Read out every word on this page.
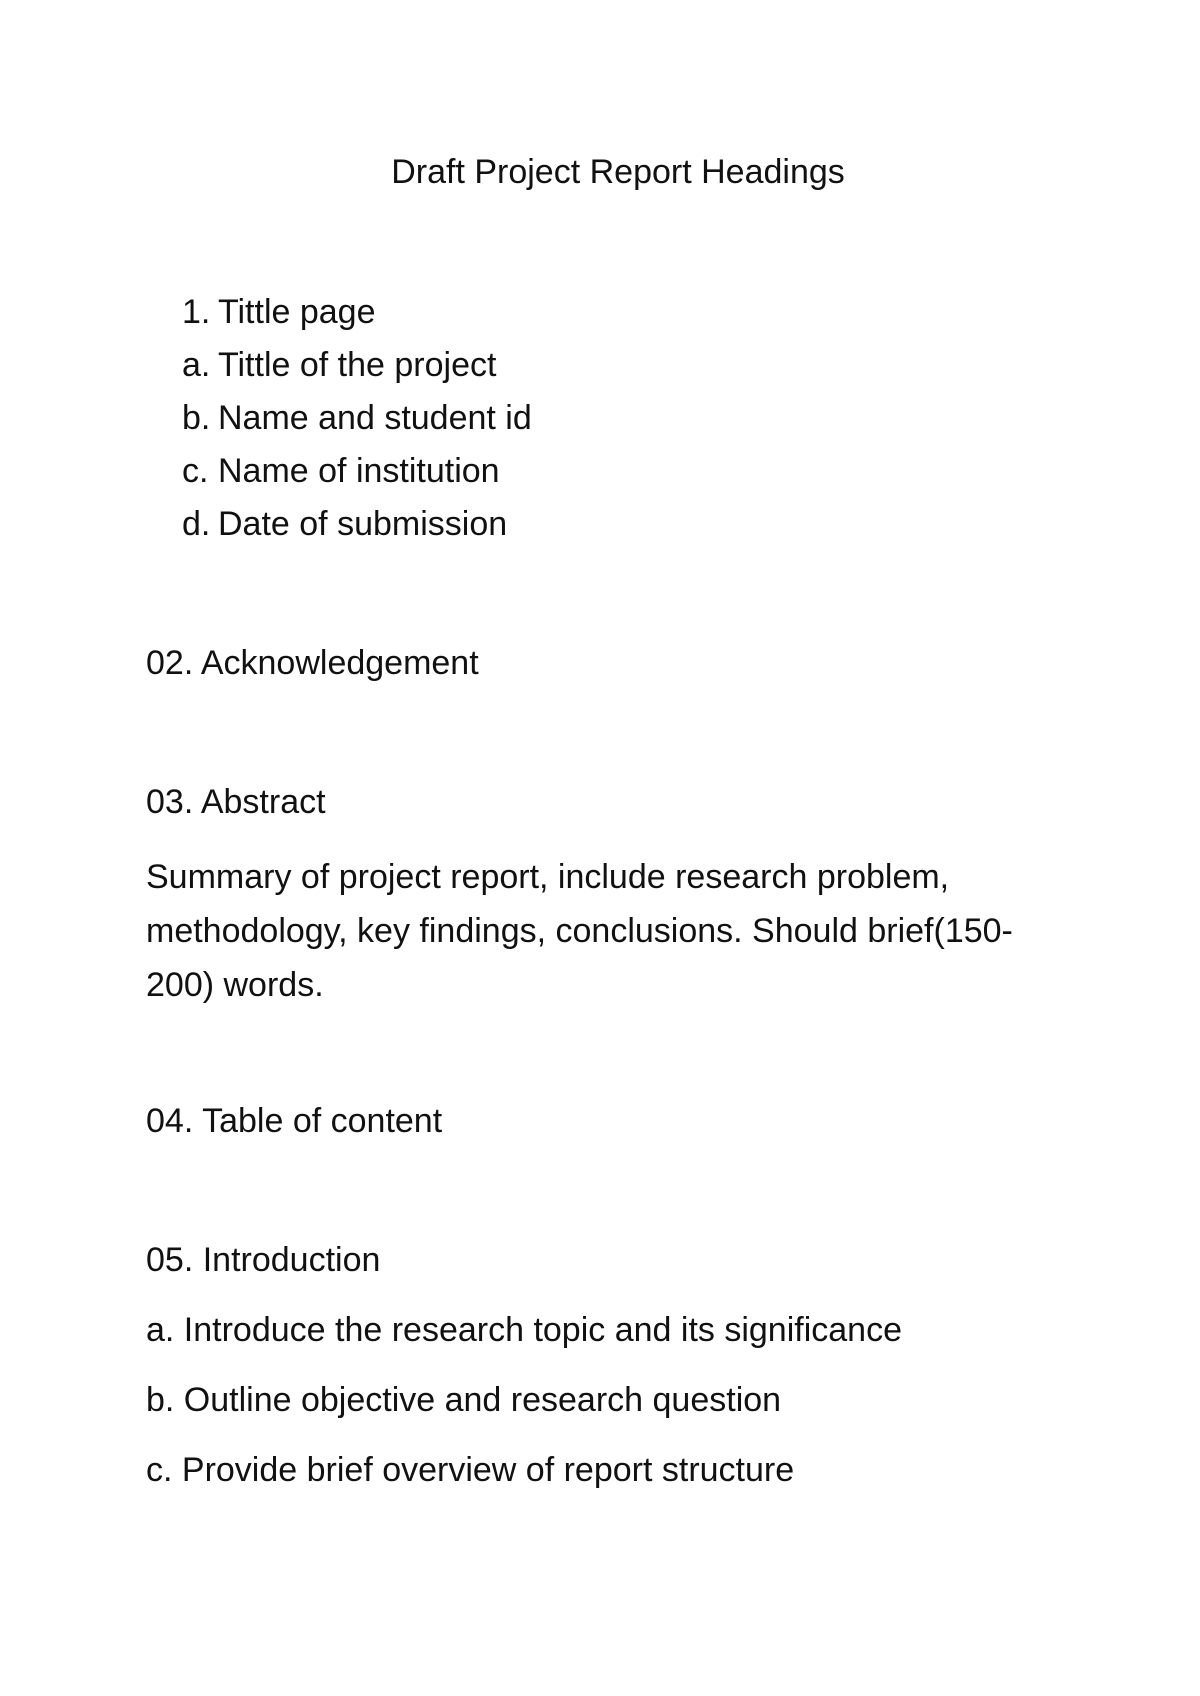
Draft Project Report Headings

1. Tittle page

a. Tittle of the project

b. Name and student id

c. Name of institution

d. Date of submission

02. Acknowledgement

03. Abstract

Summary of project report, include research problem, methodology, key findings, conclusions. Should brief(150-200) words.

04. Table of content

05. Introduction

a. Introduce the research topic and its significance

b. Outline objective and research question

c. Provide brief overview of report structure
